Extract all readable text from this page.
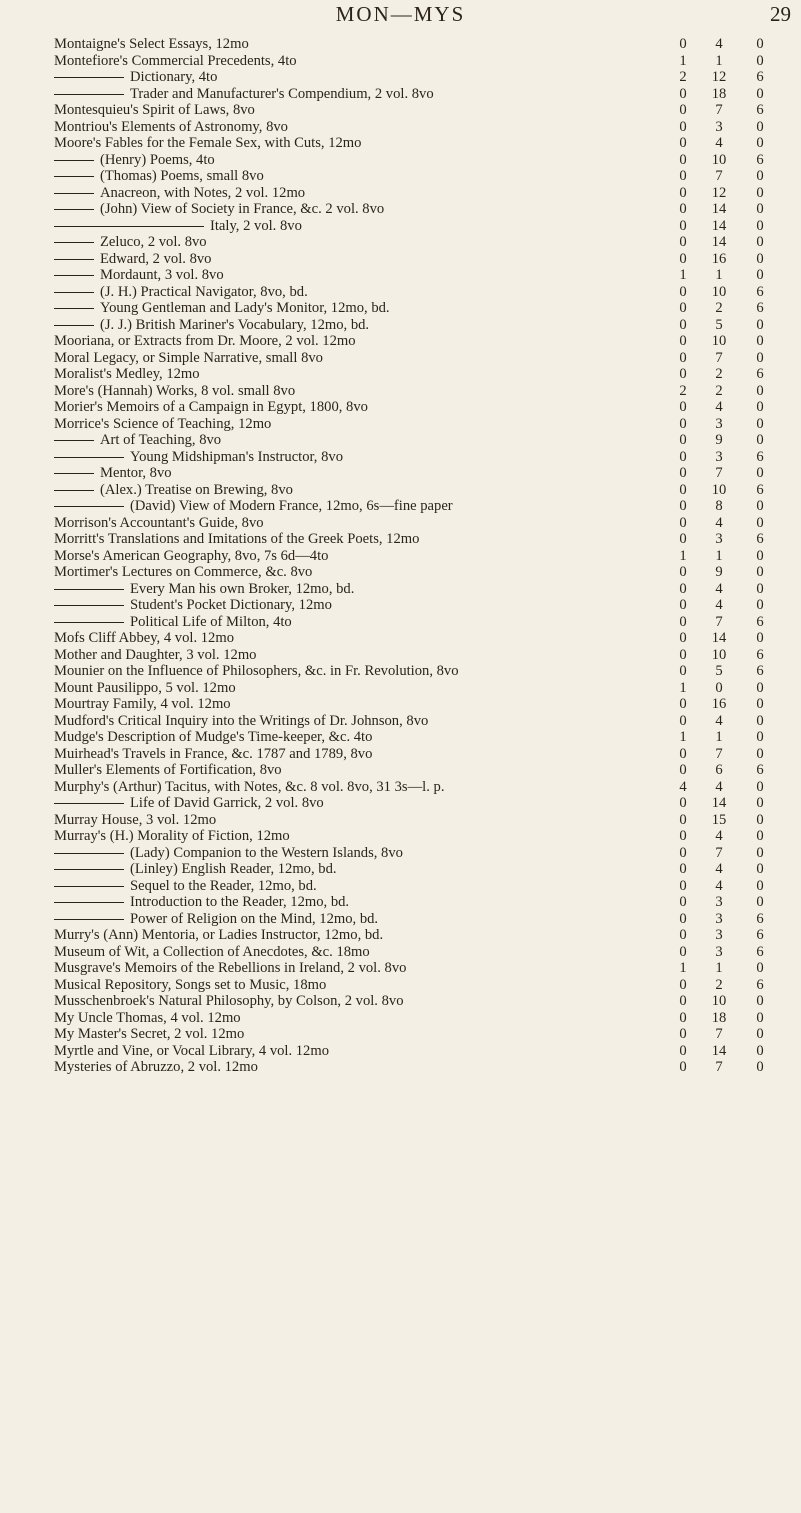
MON—MYS	29
Montaigne's Select Essays, 12mo	0	4	0
Montefiore's Commercial Precedents, 4to	1	1	0
Dictionary, 4to	2	12	6
Trader and Manufacturer's Compendium, 2 vol. 8vo	0	18	0
Montesquieu's Spirit of Laws, 8vo	0	7	6
Montriou's Elements of Astronomy, 8vo	0	3	0
Moore's Fables for the Female Sex, with Cuts, 12mo	0	4	0
(Henry) Poems, 4to	0	10	6
(Thomas) Poems, small 8vo	0	7	0
Anacreon, with Notes, 2 vol. 12mo	0	12	0
(John) View of Society in France, &c. 2 vol. 8vo	0	14	0
Italy, 2 vol. 8vo	0	14	0
Zeluco, 2 vol. 8vo	0	14	0
Edward, 2 vol. 8vo	0	16	0
Mordaunt, 3 vol. 8vo	1	1	0
(J. H.) Practical Navigator, 8vo, bd.	0	10	6
Young Gentleman and Lady's Monitor, 12mo, bd.	0	2	6
(J. J.) British Mariner's Vocabulary, 12mo, bd.	0	5	0
Mooriana, or Extracts from Dr. Moore, 2 vol. 12mo	0	10	0
Moral Legacy, or Simple Narrative, small 8vo	0	7	0
Moralist's Medley, 12mo	0	2	6
More's (Hannah) Works, 8 vol. small 8vo	2	2	0
Morier's Memoirs of a Campaign in Egypt, 1800, 8vo	0	4	0
Morrice's Science of Teaching, 12mo	0	3	0
Art of Teaching, 8vo	0	9	0
Young Midshipman's Instructor, 8vo	0	3	6
Mentor, 8vo	0	7	0
(Alex.) Treatise on Brewing, 8vo	0	10	6
(David) View of Modern France, 12mo, 6s—fine paper	0	8	0
Morrison's Accountant's Guide, 8vo	0	4	0
Morritt's Translations and Imitations of the Greek Poets, 12mo	0	3	6
Morse's American Geography, 8vo, 7s 6d—4to	1	1	0
Mortimer's Lectures on Commerce, &c. 8vo	0	9	0
Every Man his own Broker, 12mo, bd.	0	4	0
Student's Pocket Dictionary, 12mo	0	4	0
Political Life of Milton, 4to	0	7	6
Mofs Cliff Abbey, 4 vol. 12mo	0	14	0
Mother and Daughter, 3 vol. 12mo	0	10	6
Mounier on the Influence of Philosophers, &c. in Fr. Revolution, 8vo	0	5	6
Mount Pausilippo, 5 vol. 12mo	1	0	0
Mourtray Family, 4 vol. 12mo	0	16	0
Mudford's Critical Inquiry into the Writings of Dr. Johnson, 8vo	0	4	0
Mudge's Description of Mudge's Time-keeper, &c. 4to	1	1	0
Muirhead's Travels in France, &c. 1787 and 1789, 8vo	0	7	0
Muller's Elements of Fortification, 8vo	0	6	6
Murphy's (Arthur) Tacitus, with Notes, &c. 8 vol. 8vo, 31 3s—l. p.	4	4	0
Life of David Garrick, 2 vol. 8vo	0	14	0
Murray House, 3 vol. 12mo	0	15	0
Murray's (H.) Morality of Fiction, 12mo	0	4	0
(Lady) Companion to the Western Islands, 8vo	0	7	0
(Linley) English Reader, 12mo, bd.	0	4	0
Sequel to the Reader, 12mo, bd.	0	4	0
Introduction to the Reader, 12mo, bd.	0	3	0
Power of Religion on the Mind, 12mo, bd.	0	3	6
Murry's (Ann) Mentoria, or Ladies Instructor, 12mo, bd.	0	3	6
Museum of Wit, a Collection of Anecdotes, &c. 18mo	0	3	6
Musgrave's Memoirs of the Rebellions in Ireland, 2 vol. 8vo	1	1	0
Musical Repository, Songs set to Music, 18mo	0	2	6
Musschenbroek's Natural Philosophy, by Colson, 2 vol. 8vo	0	10	0
My Uncle Thomas, 4 vol. 12mo	0	18	0
My Master's Secret, 2 vol. 12mo	0	7	0
Myrtle and Vine, or Vocal Library, 4 vol. 12mo	0	14	0
Mysteries of Abruzzo, 2 vol. 12mo	0	7	0
